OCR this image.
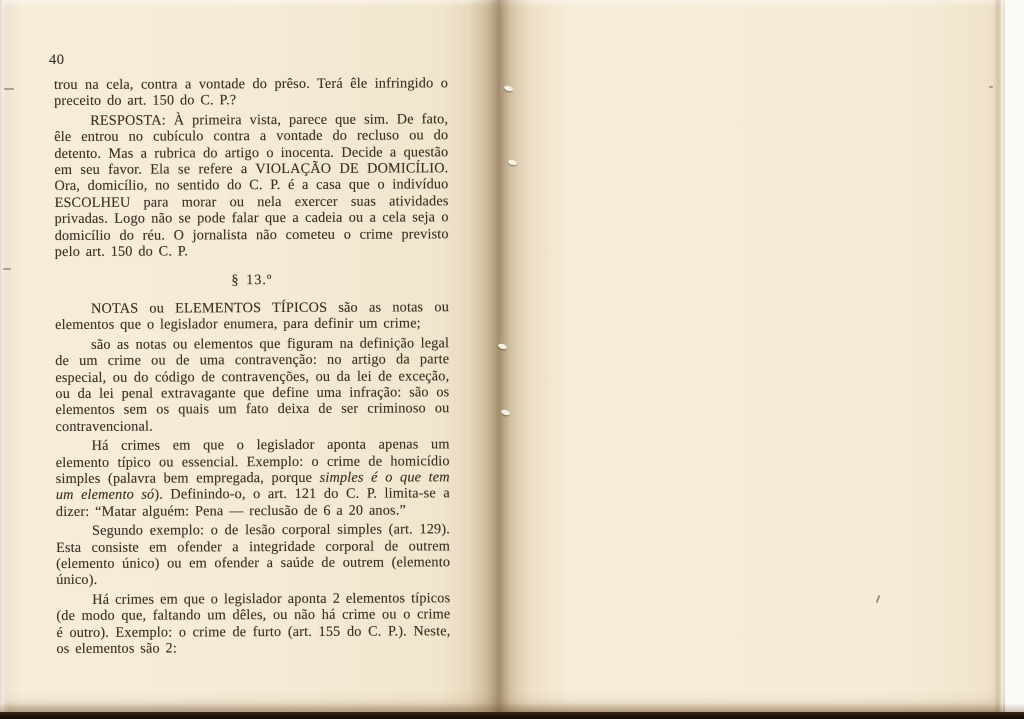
40

trou na cela, contra a vontade do prêso. Terá êle infringido o preceito do art. 150 do C. P.?

RESPOSTA: À primeira vista, parece que sim. De fato, êle entrou no cubículo contra a vontade do recluso ou do detento. Mas a rubrica do artigo o inocenta. Decide a questão em seu favor. Ela se refere a VIOLAÇÃO DE DOMICÍLIO. Ora, domicílio, no sentido do C. P. é a casa que o indivíduo ESCOLHEU para morar ou nela exercer suas atividades privadas. Logo não se pode falar que a cadeia ou a cela seja o domicílio do réu. O jornalista não cometeu o crime previsto pelo art. 150 do C. P.

§ 13.º

NOTAS ou ELEMENTOS TÍPICOS são as notas ou elementos que o legislador enumera, para definir um crime;

são as notas ou elementos que figuram na definição legal de um crime ou de uma contravenção: no artigo da parte especial, ou do código de contravenções, ou da lei de exceção, ou da lei penal extravagante que define uma infração: são os elementos sem os quais um fato deixa de ser criminoso ou contravencional.

Há crimes em que o legislador aponta apenas um elemento típico ou essencial. Exemplo: o crime de homicídio simples (palavra bem empregada, porque simples é o que tem um elemento só). Definindo-o, o art. 121 do C. P. limita-se a dizer: “Matar alguém: Pena — reclusão de 6 a 20 anos.”

Segundo exemplo: o de lesão corporal simples (art. 129). Esta consiste em ofender a integridade corporal de outrem (elemento único) ou em ofender a saúde de outrem (elemento único).

Há crimes em que o legislador aponta 2 elementos típicos (de modo que, faltando um dêles, ou não há crime ou o crime é outro). Exemplo: o crime de furto (art. 155 do C. P.). Neste, os elementos são 2:
